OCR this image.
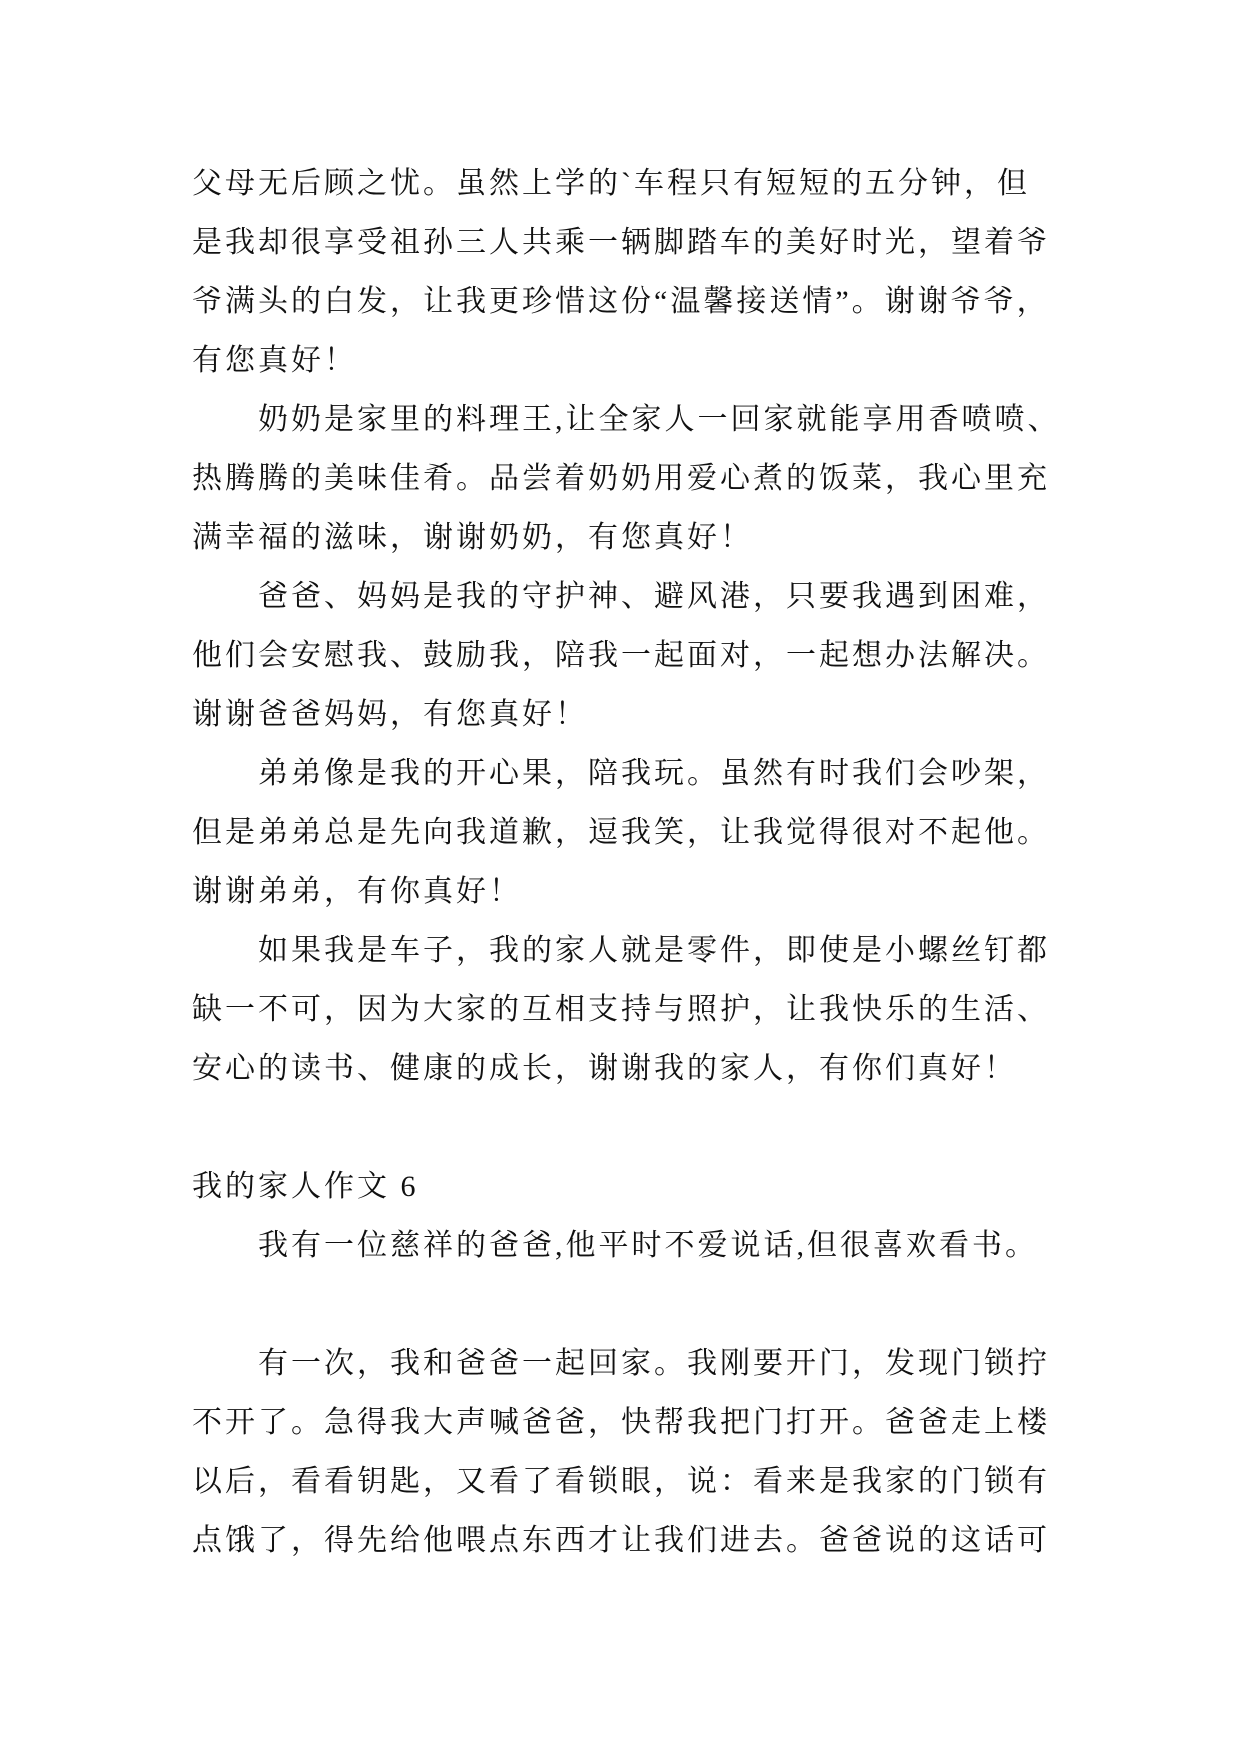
父母无后顾之忧。虽然上学的`车程只有短短的五分钟，但
是我却很享受祖孙三人共乘一辆脚踏车的美好时光，望着爷
爷满头的白发，让我更珍惜这份“温馨接送情”。谢谢爷爷，
有您真好！
奶奶是家里的料理王,让全家人一回家就能享用香喷喷、
热腾腾的美味佳肴。品尝着奶奶用爱心煮的饭菜，我心里充
满幸福的滋味，谢谢奶奶，有您真好！
爸爸、妈妈是我的守护神、避风港，只要我遇到困难，
他们会安慰我、鼓励我，陪我一起面对，一起想办法解决。
谢谢爸爸妈妈，有您真好！
弟弟像是我的开心果，陪我玩。虽然有时我们会吵架，
但是弟弟总是先向我道歉，逗我笑，让我觉得很对不起他。
谢谢弟弟，有你真好！
如果我是车子，我的家人就是零件，即使是小螺丝钉都
缺一不可，因为大家的互相支持与照护，让我快乐的生活、
安心的读书、健康的成长，谢谢我的家人，有你们真好！
我的家人作文 6
我有一位慈祥的爸爸,他平时不爱说话,但很喜欢看书。
有一次，我和爸爸一起回家。我刚要开门，发现门锁拧
不开了。急得我大声喊爸爸，快帮我把门打开。爸爸走上楼
以后，看看钥匙，又看了看锁眼，说：看来是我家的门锁有
点饿了，得先给他喂点东西才让我们进去。爸爸说的这话可
